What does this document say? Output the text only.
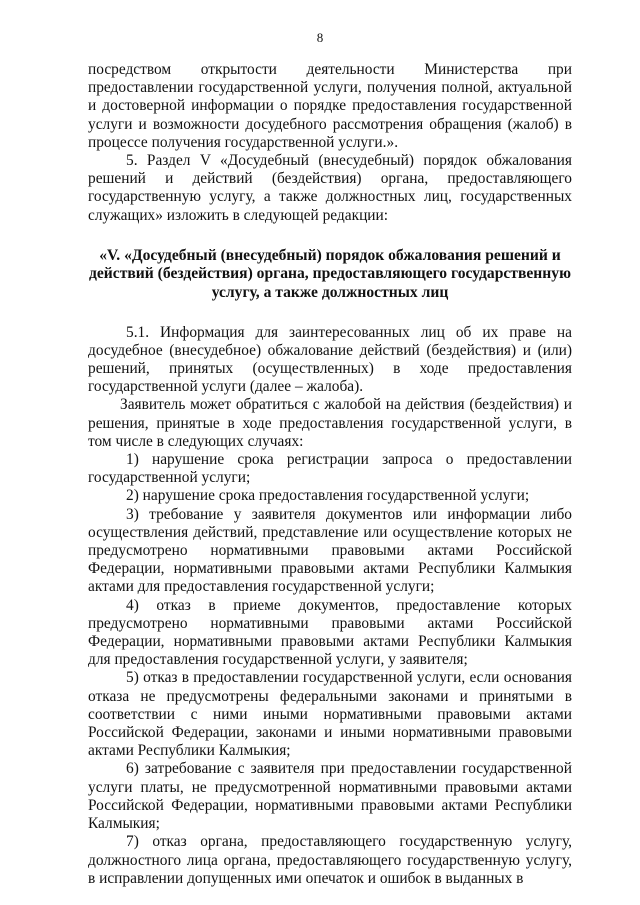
8

посредством открытости деятельности Министерства при предоставлении государственной услуги, получения полной, актуальной и достоверной информации о порядке предоставления государственной услуги и возможности досудебного рассмотрения обращения (жалоб) в процессе получения государственной услуги.».

5. Раздел V «Досудебный (внесудебный) порядок обжалования решений и действий (бездействия) органа, предоставляющего государственную услугу, а также должностных лиц, государственных служащих» изложить в следующей редакции:

«V. «Досудебный (внесудебный) порядок обжалования решений и действий (бездействия) органа, предоставляющего государственную услугу, а также должностных лиц

5.1. Информация для заинтересованных лиц об их праве на досудебное (внесудебное) обжалование действий (бездействия) и (или) решений, принятых (осуществленных) в ходе предоставления государственной услуги (далее – жалоба).

Заявитель может обратиться с жалобой на действия (бездействия) и решения, принятые в ходе предоставления государственной услуги, в том числе в следующих случаях:

1) нарушение срока регистрации запроса о предоставлении государственной услуги;

2) нарушение срока предоставления государственной услуги;

3) требование у заявителя документов или информации либо осуществления действий, представление или осуществление которых не предусмотрено нормативными правовыми актами Российской Федерации, нормативными правовыми актами Республики Калмыкия актами для предоставления государственной услуги;

4) отказ в приеме документов, предоставление которых предусмотрено нормативными правовыми актами Российской Федерации, нормативными правовыми актами Республики Калмыкия для предоставления государственной услуги, у заявителя;

5) отказ в предоставлении государственной услуги, если основания отказа не предусмотрены федеральными законами и принятыми в соответствии с ними иными нормативными правовыми актами Российской Федерации, законами и иными нормативными правовыми актами Республики Калмыкия;

6) затребование с заявителя при предоставлении государственной услуги платы, не предусмотренной нормативными правовыми актами Российской Федерации, нормативными правовыми актами Республики Калмыкия;

7) отказ органа, предоставляющего государственную услугу, должностного лица органа, предоставляющего государственную услугу, в исправлении допущенных ими опечаток и ошибок в выданных в
